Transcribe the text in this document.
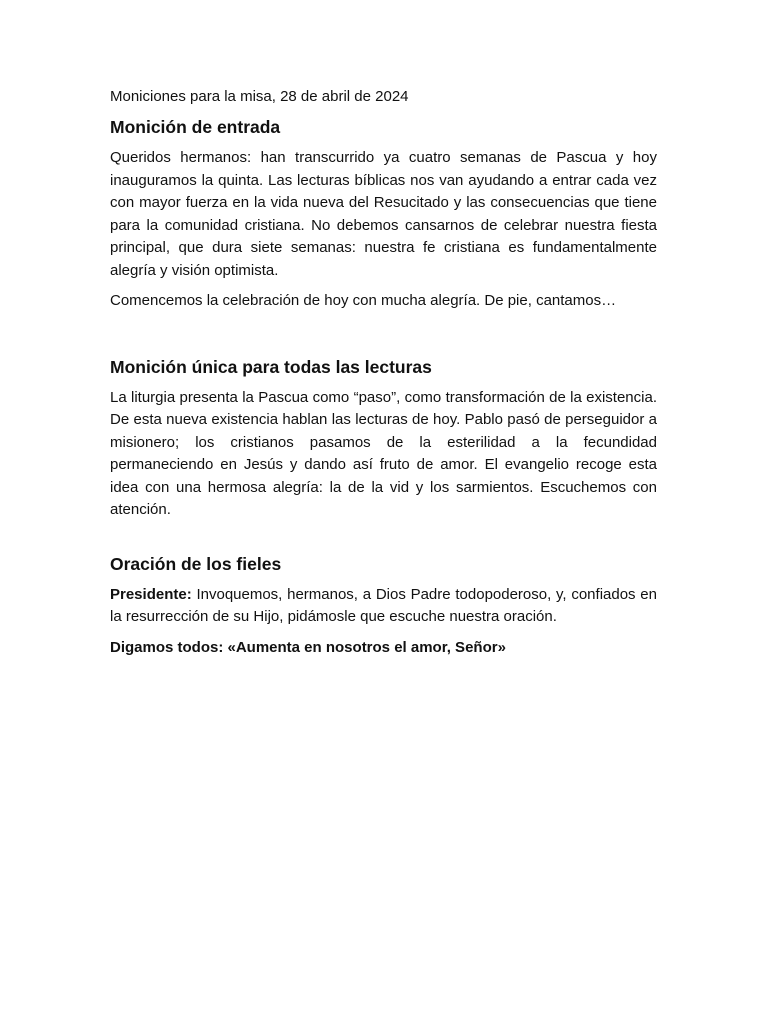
Moniciones para la misa, 28 de abril de 2024
Monición de entrada

Queridos hermanos: han transcurrido ya cuatro semanas de Pascua y hoy inauguramos la quinta. Las lecturas bíblicas nos van ayudando a entrar cada vez con mayor fuerza en la vida nueva del Resucitado y las consecuencias que tiene para la comunidad cristiana. No debemos cansarnos de celebrar nuestra fiesta principal, que dura siete semanas: nuestra fe cristiana es fundamentalmente alegría y visión optimista.

Comencemos la celebración de hoy con mucha alegría. De pie, cantamos…

Monición única para todas las lecturas

La liturgia presenta la Pascua como “paso”, como transformación de la existencia. De esta nueva existencia hablan las lecturas de hoy. Pablo pasó de perseguidor a misionero; los cristianos pasamos de la esterilidad a la fecundidad permaneciendo en Jesús y dando así fruto de amor. El evangelio recoge esta idea con una hermosa alegría: la de la vid y los sarmientos. Escuchemos con atención.

Oración de los fieles

Presidente: Invoquemos, hermanos, a Dios Padre todopoderoso, y, confiados en la resurrección de su Hijo, pidámosle que escuche nuestra oración.

Digamos todos: «Aumenta en nosotros el amor, Señor»
